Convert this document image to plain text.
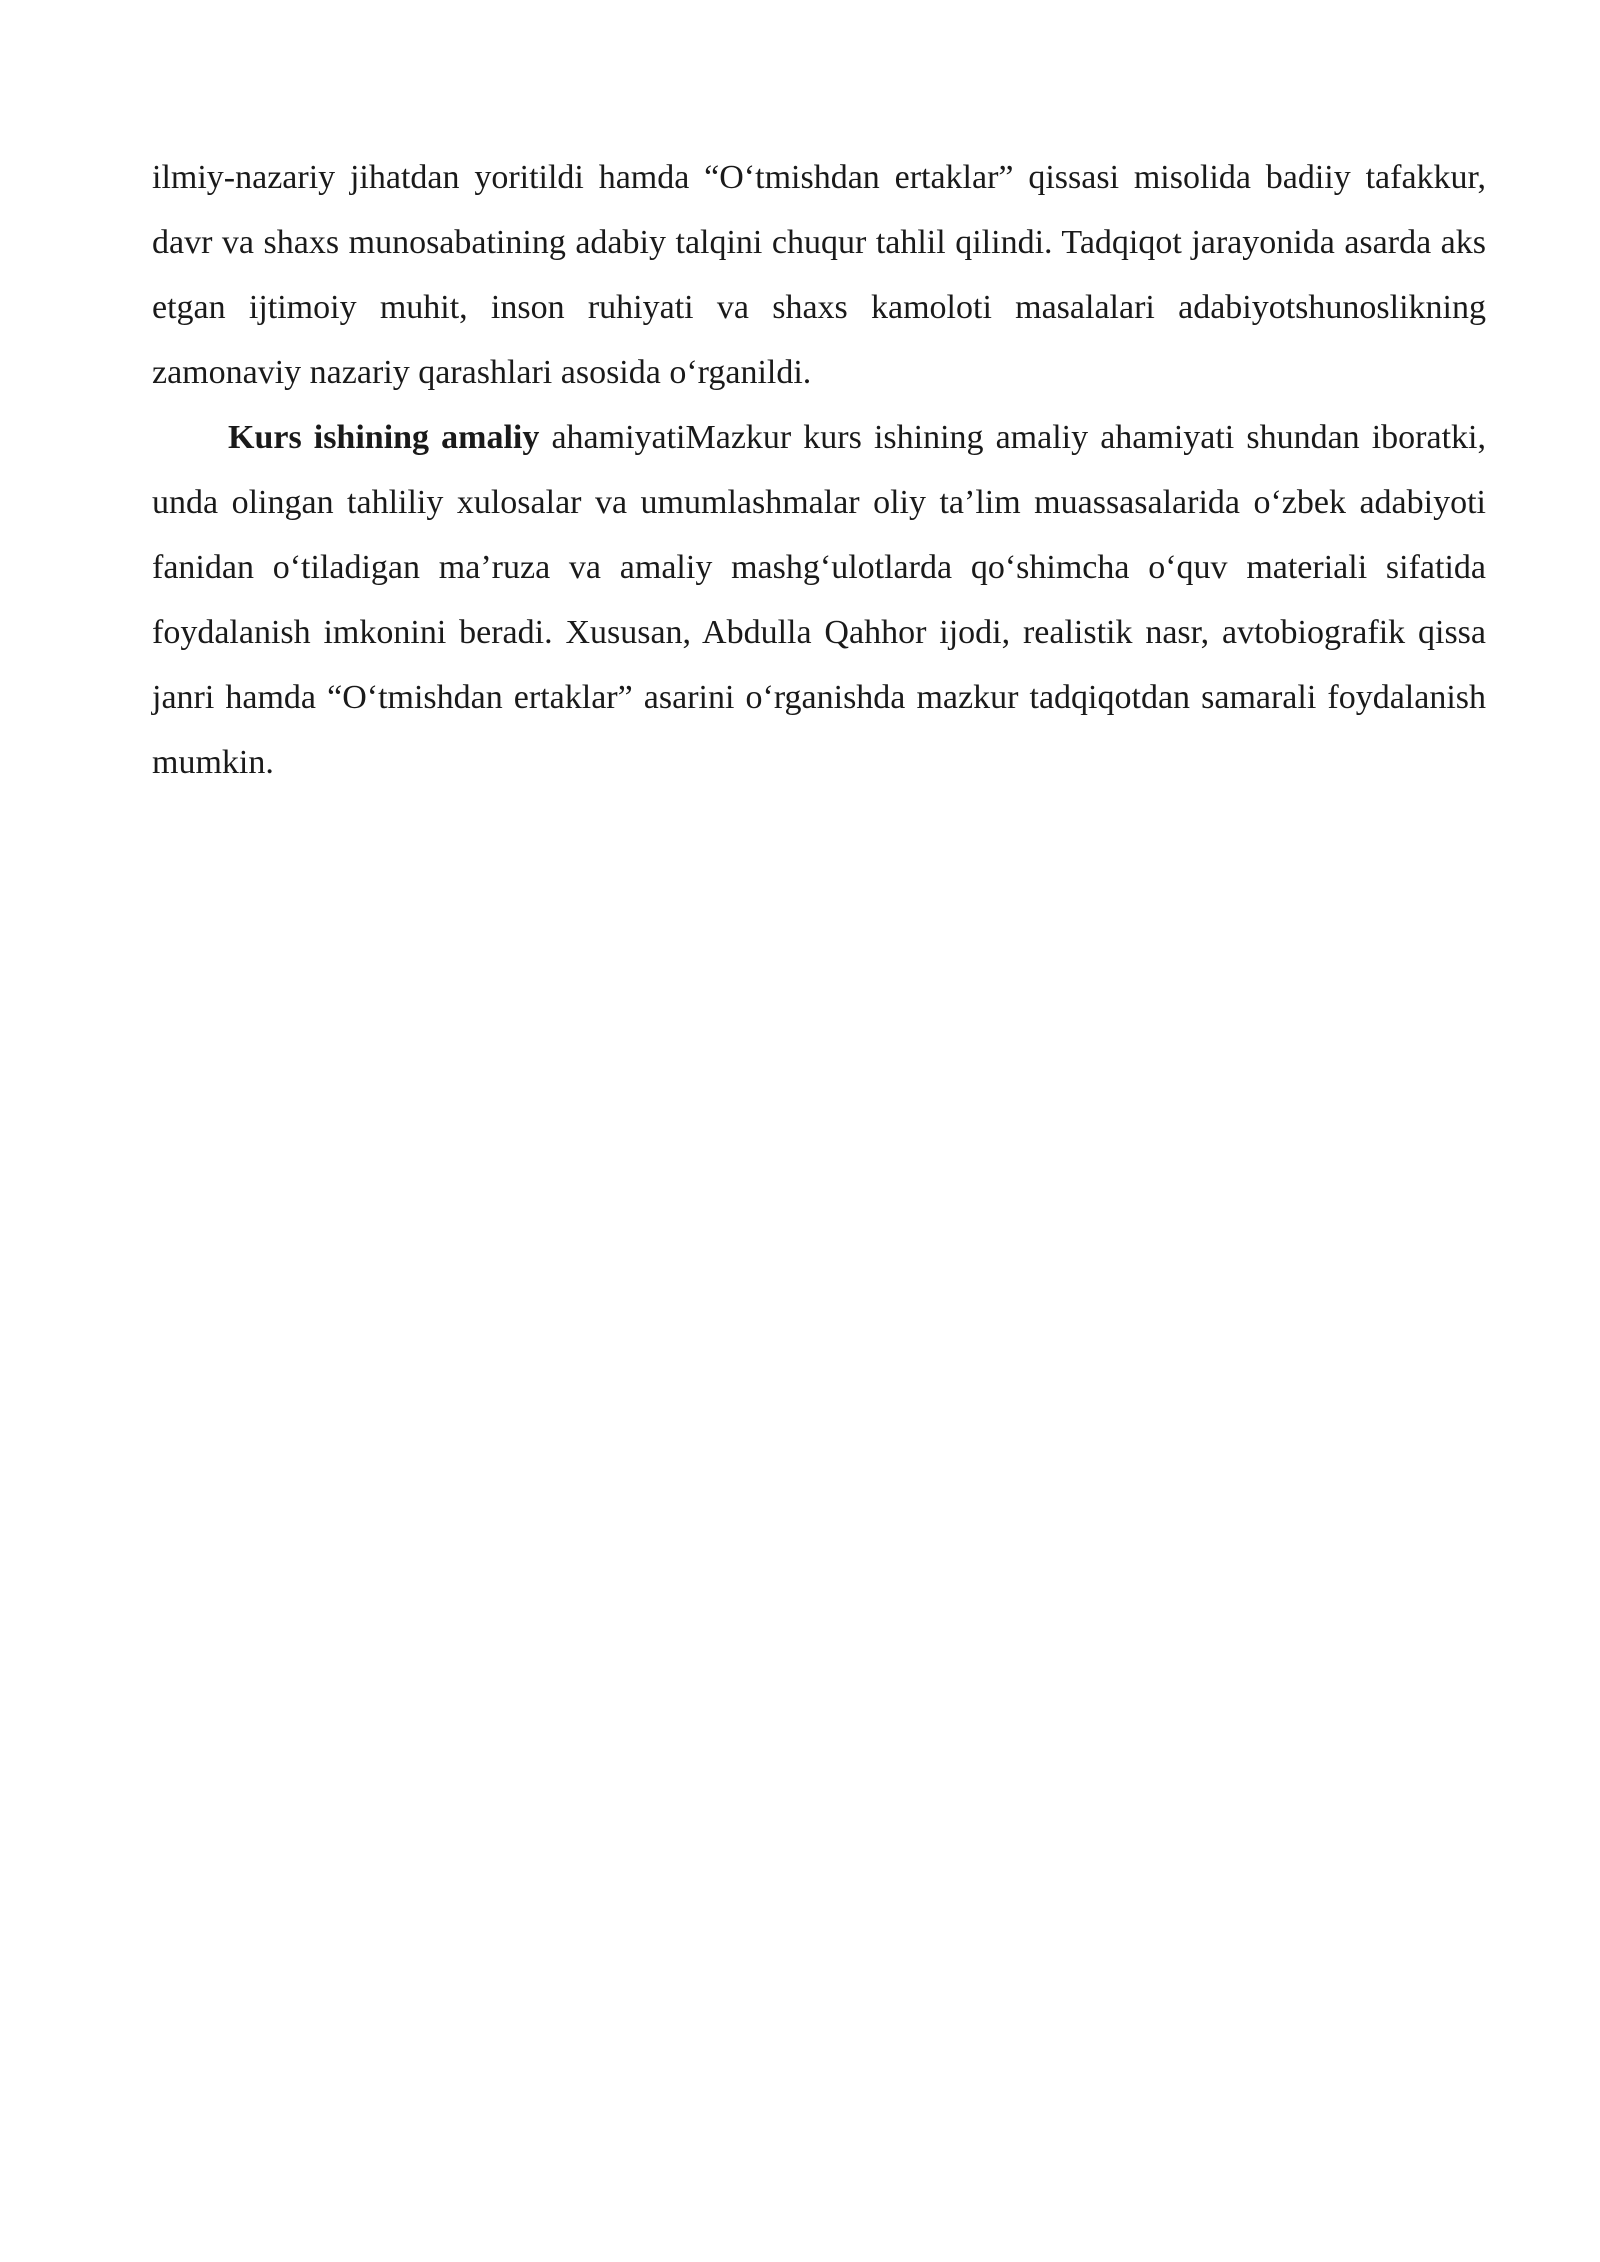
ilmiy-nazariy jihatdan yoritildi hamda “O‘tmishdan ertaklar” qissasi misolida badiiy tafakkur, davr va shaxs munosabatining adabiy talqini chuqur tahlil qilindi. Tadqiqot jarayonida asarda aks etgan ijtimoiy muhit, inson ruhiyati va shaxs kamoloti masalalari adabiyotshunoslikning zamonaviy nazariy qarashlari asosida o‘rganildi.

Kurs ishining amaliy ahamiyatiMazkur kurs ishining amaliy ahamiyati shundan iboratki, unda olingan tahliliy xulosalar va umumlashmalar oliy ta’lim muassasalarida o‘zbek adabiyoti fanidan o‘tiladigan ma’ruza va amaliy mashg‘ulotlarda qo‘shimcha o‘quv materiali sifatida foydalanish imkonini beradi. Xususan, Abdulla Qahhor ijodi, realistik nasr, avtobiografik qissa janri hamda “O‘tmishdan ertaklar” asarini o‘rganishda mazkur tadqiqotdan samarali foydalanish mumkin.
